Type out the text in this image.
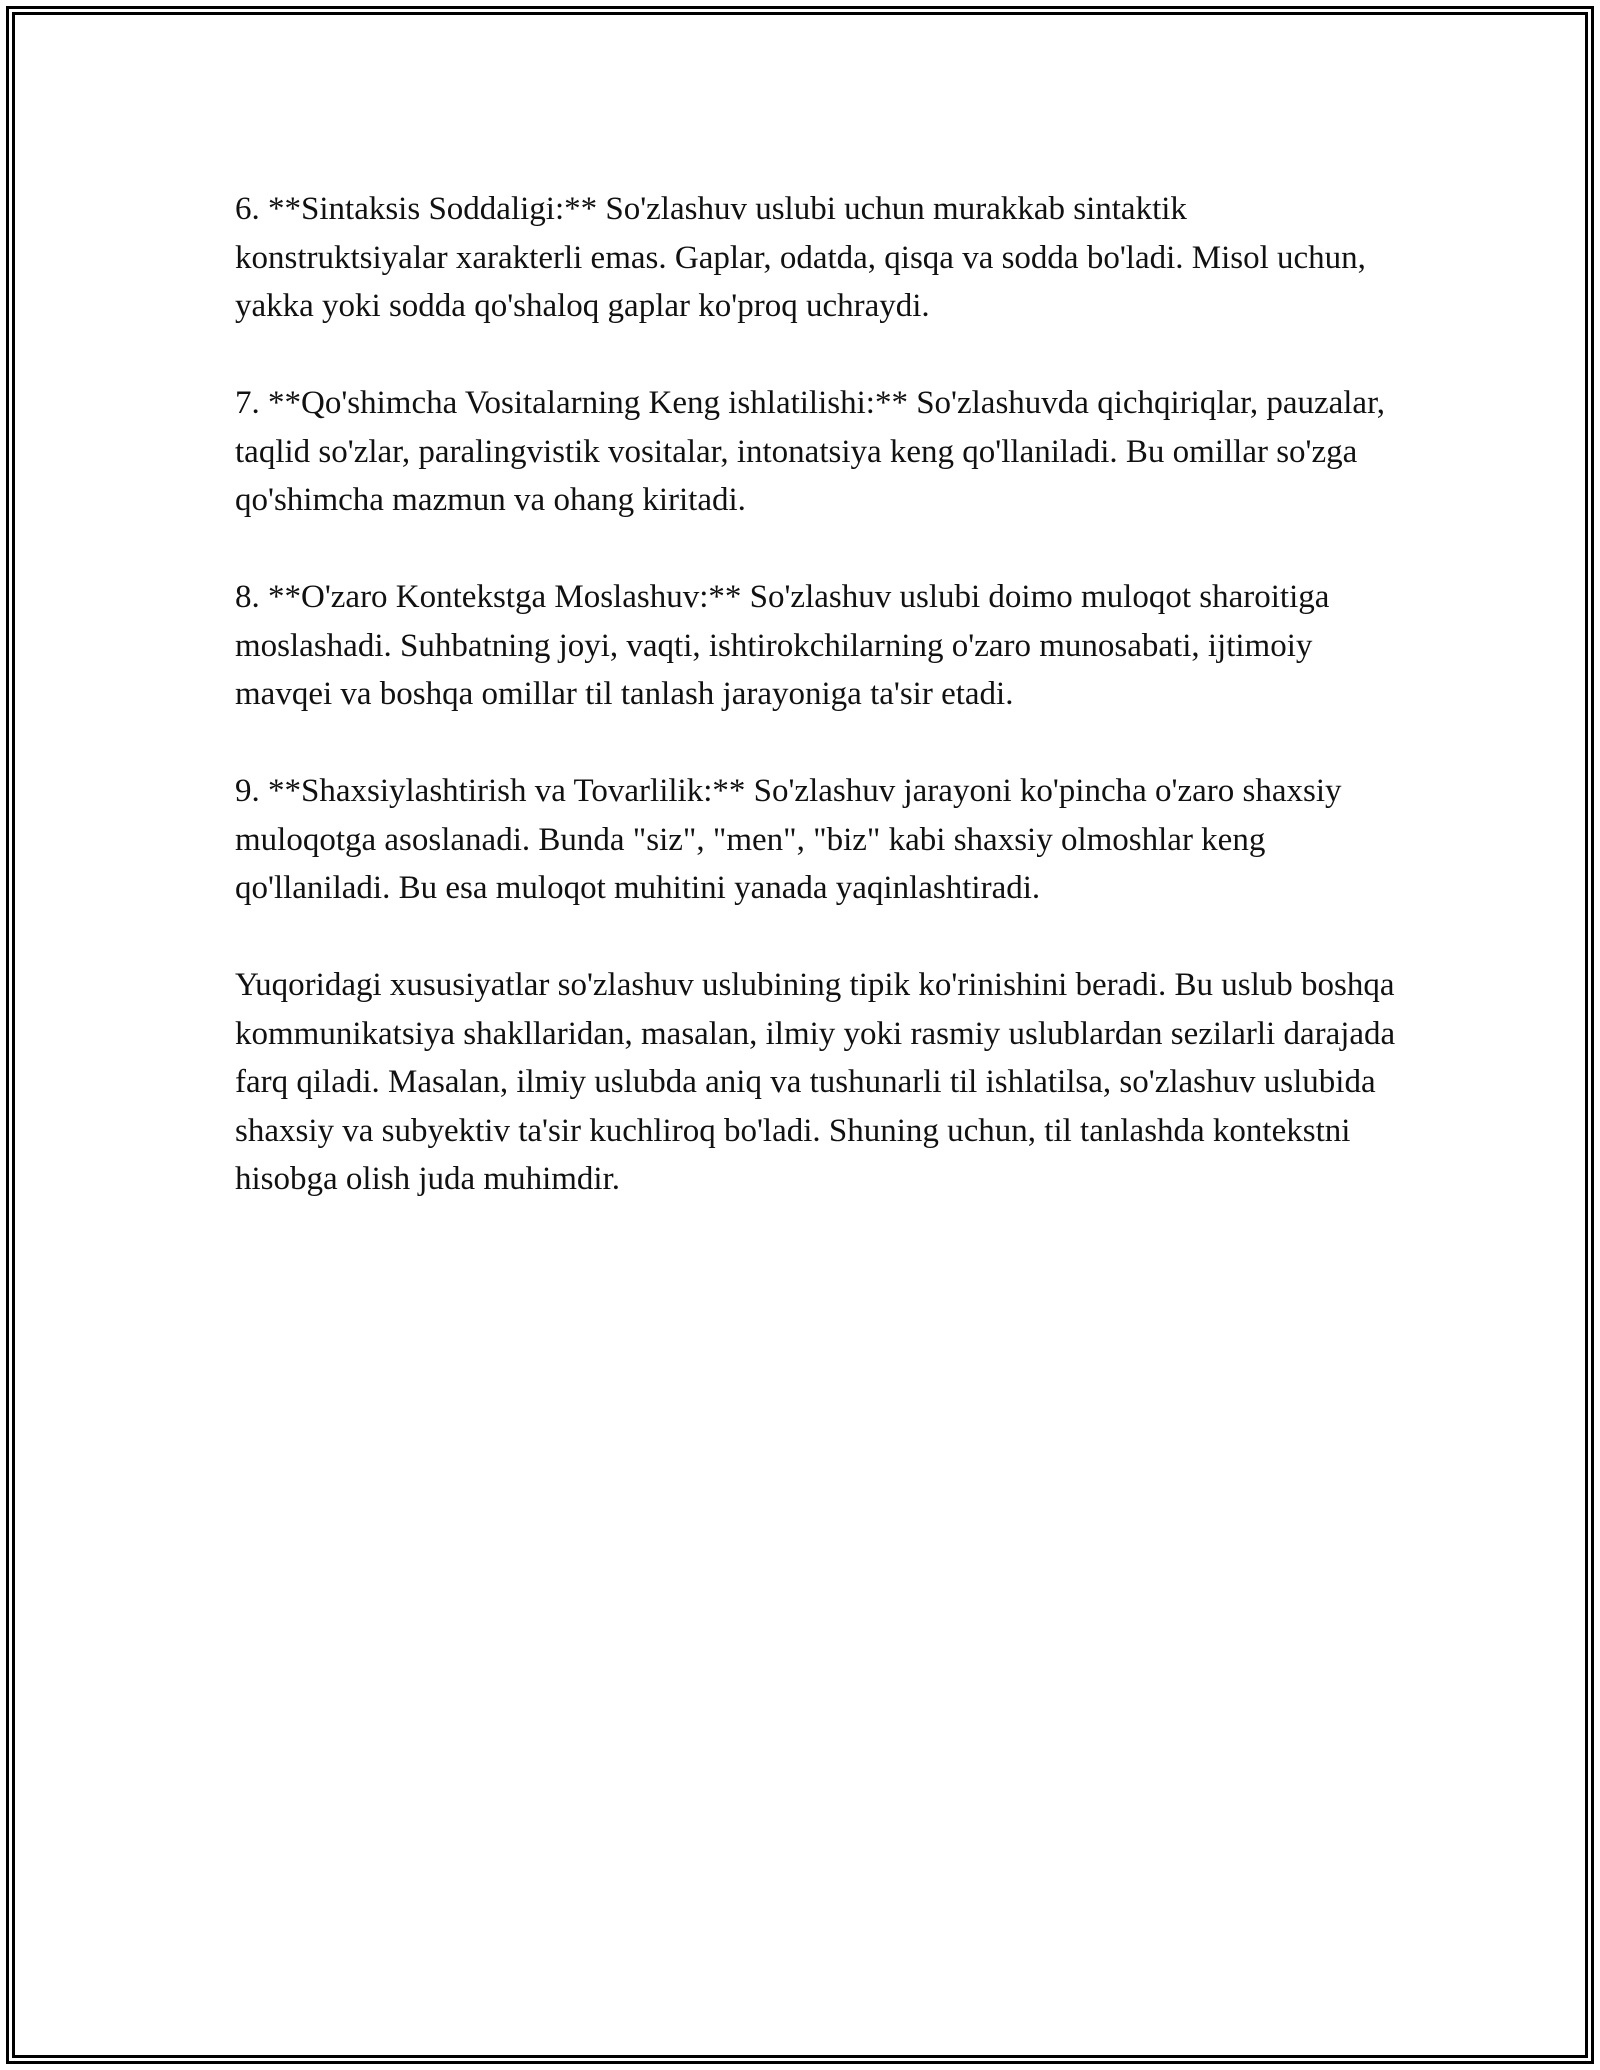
6. **Sintaksis Soddaligi:** So'zlashuv uslubi uchun murakkab sintaktik konstruktsiyalar xarakterli emas. Gaplar, odatda, qisqa va sodda bo'ladi. Misol uchun, yakka yoki sodda qo'shaloq gaplar ko'proq uchraydi.

7. **Qo'shimcha Vositalarning Keng ishlatilishi:** So'zlashuvda qichqiriqlar, pauzalar, taqlid so'zlar, paralingvistik vositalar, intonatsiya keng qo'llaniladi. Bu omillar so'zga qo'shimcha mazmun va ohang kiritadi.

8. **O'zaro Kontekstga Moslashuv:** So'zlashuv uslubi doimo muloqot sharoitiga moslashadi. Suhbatning joyi, vaqti, ishtirokchilarning o'zaro munosabati, ijtimoiy mavqei va boshqa omillar til tanlash jarayoniga ta'sir etadi.

9. **Shaxsiylashtirish va Tovarlilik:** So'zlashuv jarayoni ko'pincha o'zaro shaxsiy muloqotga asoslanadi. Bunda "siz", "men", "biz" kabi shaxsiy olmoshlar keng qo'llaniladi. Bu esa muloqot muhitini yanada yaqinlashtiradi.

Yuqoridagi xususiyatlar so'zlashuv uslubining tipik ko'rinishini beradi. Bu uslub boshqa kommunikatsiya shakllaridan, masalan, ilmiy yoki rasmiy uslublardan sezilarli darajada farq qiladi. Masalan, ilmiy uslubda aniq va tushunarli til ishlatilsa, so'zlashuv uslubida shaxsiy va subyektiv ta'sir kuchliroq bo'ladi. Shuning uchun, til tanlashda kontekstni hisobga olish juda muhimdir.
